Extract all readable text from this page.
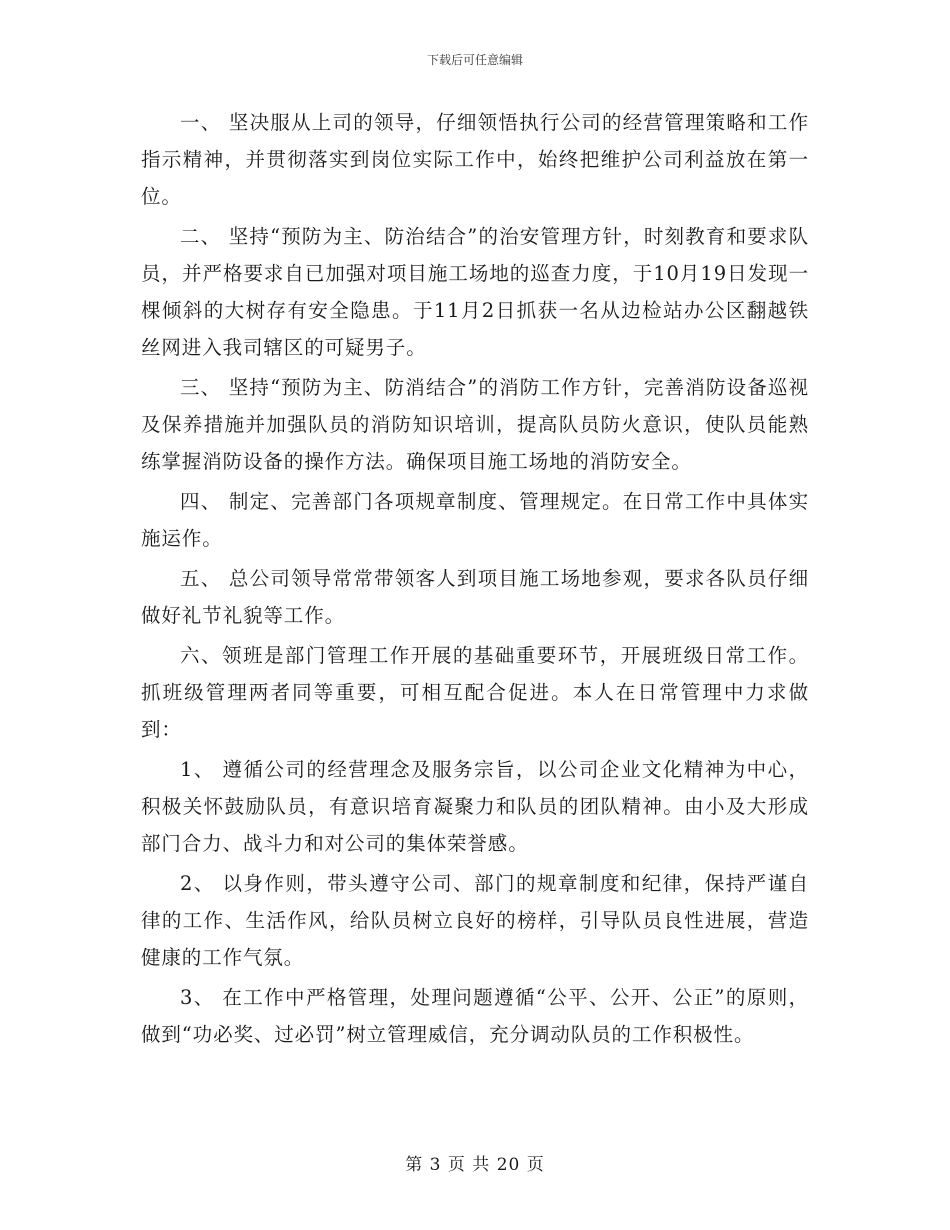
下载后可任意编辑

一、 坚决服从上司的领导，仔细领悟执行公司的经营管理策略和工作 指示精神，并贯彻落实到岗位实际工作中，始终把维护公司利益放在第一位。

二、 坚持“预防为主、防治结合”的治安管理方针，时刻教育和要求队员，并严格要求自已加强对项目施工场地的巡查力度，于10月19日发现一棵倾斜的大树存有安全隐患。于11月2日抓获一名从边检站办公区翻越铁丝网进入我司辖区的可疑男子。

三、 坚持“预防为主、防消结合”的消防工作方针，完善消防设备巡视及保养措施并加强队员的消防知识培训，提高队员防火意识，使队员能熟练掌握消防设备的操作方法。确保项目施工场地的消防安全。

四、 制定、完善部门各项规章制度、管理规定。在日常工作中具体实施运作。

五、 总公司领导常常带领客人到项目施工场地参观，要求各队员仔细做好礼节礼貌等工作。

六、领班是部门管理工作开展的基础重要环节，开展班级日常工作。抓班级管理两者同等重要，可相互配合促进。本人在日常管理中力求做到：

1、 遵循公司的经营理念及服务宗旨，以公司企业文化精神为中心，积极关怀鼓励队员，有意识培育凝聚力和队员的团队精神。由小及大形成部门合力、战斗力和对公司的集体荣誉感。

2、 以身作则，带头遵守公司、部门的规章制度和纪律，保持严谨自律的工作、生活作风，给队员树立良好的榜样，引导队员良性进展，营造健康的工作气氛。

3、 在工作中严格管理，处理问题遵循“公平、公开、公正”的原则，做到“功必奖、过必罚”树立管理威信，充分调动队员的工作积极性。

第 3 页 共 20 页
